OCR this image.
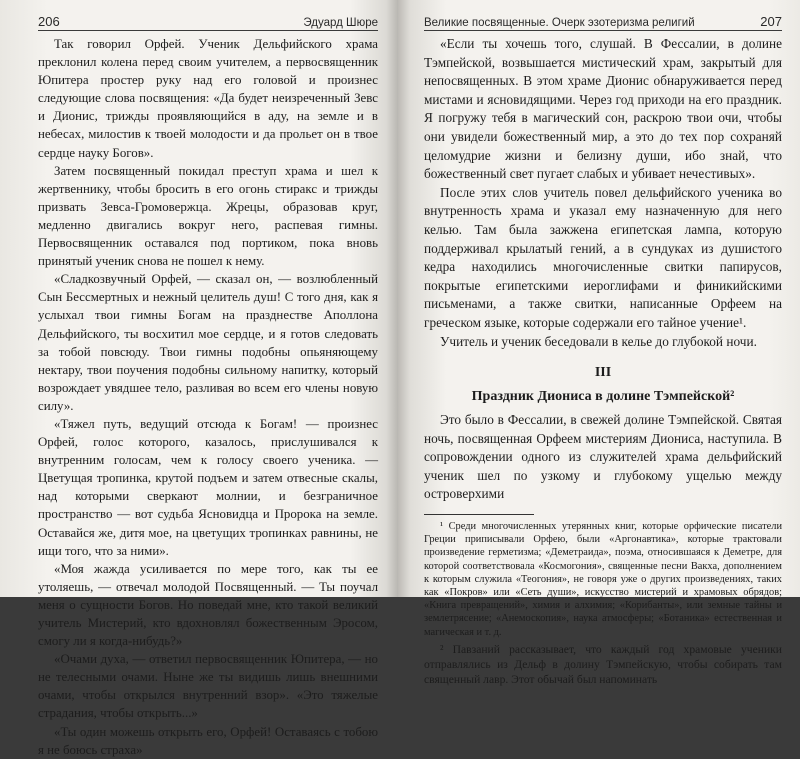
206	Эдуард Шюре

Так говорил Орфей. Ученик Дельфийского храма преклонил колена перед своим учителем, а первосвященник Юпитера простер руку над его головой и произнес следующие слова посвящения: «Да будет неизреченный Зевс и Дионис, трижды проявляющийся в аду, на земле и в небесах, милостив к твоей молодости и да прольет он в твое сердце науку Богов».

Затем посвященный покидал преступ храма и шел к жертвеннику, чтобы бросить в его огонь стиракс и трижды призвать Зевса-Громовержца. Жрецы, образовав круг, медленно двигались вокруг него, распевая гимны. Первосвященник оставался под портиком, пока вновь принятый ученик снова не пошел к нему.

«Сладкозвучный Орфей, — сказал он, — возлюбленный Сын Бессмертных и нежный целитель душ! С того дня, как я услыхал твои гимны Богам на празднестве Аполлона Дельфийского, ты восхитил мое сердце, и я готов следовать за тобой повсюду. Твои гимны подобны опьяняющему нектару, твои поучения подобны сильному напитку, который возрождает увядшее тело, разливая во всем его члены новую силу».

«Тяжел путь, ведущий отсюда к Богам! — произнес Орфей, голос которого, казалось, прислушивался к внутренним голосам, чем к голосу своего ученика. — Цветущая тропинка, крутой подъем и затем отвесные скалы, над которыми сверкают молнии, и безграничное пространство — вот судьба Ясновидца и Пророка на земле. Оставайся же, дитя мое, на цветущих тропинках равнины, не ищи того, что за ними».

«Моя жажда усиливается по мере того, как ты ее утоляешь, — отвечал молодой Посвященный. — Ты поучал меня о сущности Богов. Но поведай мне, кто такой великий учитель Мистерий, кто вдохновлял божественным Эросом, смогу ли я когда-нибудь?»

«Очами духа, — ответил первосвященник Юпитера, — но не телесными очами. Ныне же ты видишь лишь внешними очами, чтобы открылся внутренний взор». «Это тяжелые страдания, чтобы открыть...»

«Ты один можешь открыть его, Орфей! Оставаясь с тобою я не боюсь страха»

Великие посвященные. Очерк эзотеризма религий	207

«Если ты хочешь того, слушай. В Фессалии, в долине Тэмпейской, возвышается мистический храм, закрытый для непосвященных. В этом храме Дионис обнаруживается перед мистами и ясновидящими. Через год приходи на его праздник. Я погружу тебя в магический сон, раскрою твои очи, чтобы они увидели божественный мир, а это до тех пор сохраняй целомудрие жизни и белизну души, ибо знай, что божественный свет пугает слабых и убивает нечестивых».

После этих слов учитель повел дельфийского ученика во внутренность храма и указал ему назначенную для него келью. Там была зажжена египетская лампа, которую поддерживал крылатый гений, а в сундуках из душистого кедра находились многочисленные свитки папирусов, покрытые египетскими иероглифами и финикийскими письменами, а также свитки, написанные Орфеем на греческом языке, которые содержали его тайное учение¹.

Учитель и ученик беседовали в келье до глубокой ночи.

III
Праздник Диониса в долине Тэмпейской²

Это было в Фессалии, в свежей долине Тэмпейской. Святая ночь, посвященная Орфеем мистериям Диониса, наступила. В сопровождении одного из служителей храма дельфийский ученик шел по узкому и глубокому ущелью между островерхими

¹ Среди многочисленных утерянных книг, которые орфические писатели Греции приписывали Орфею, были «Аргонавтика», которые трактовали произведение герметизма; «Деметраида», поэма, относившаяся к Деметре, для которой соответствовала «Космогония», священные песни Вакха, дополнением к которым служила «Теогония», не говоря уже о других произведениях, таких как «Покров» или «Сеть души», искусство мистерий и храмовых обрядов; «Книга превращений», химия и алхимия; «Корибанты», или земные тайны и землетрясение; «Анемоскопия», наука атмосферы; «Ботаника» естественная и магическая и т. д.

² Павзаний рассказывает, что каждый год храмовые ученики отправлялись из Дельф в долину Тэмпейскую, чтобы собирать там священный лавр. Этот обычай был напоминать
